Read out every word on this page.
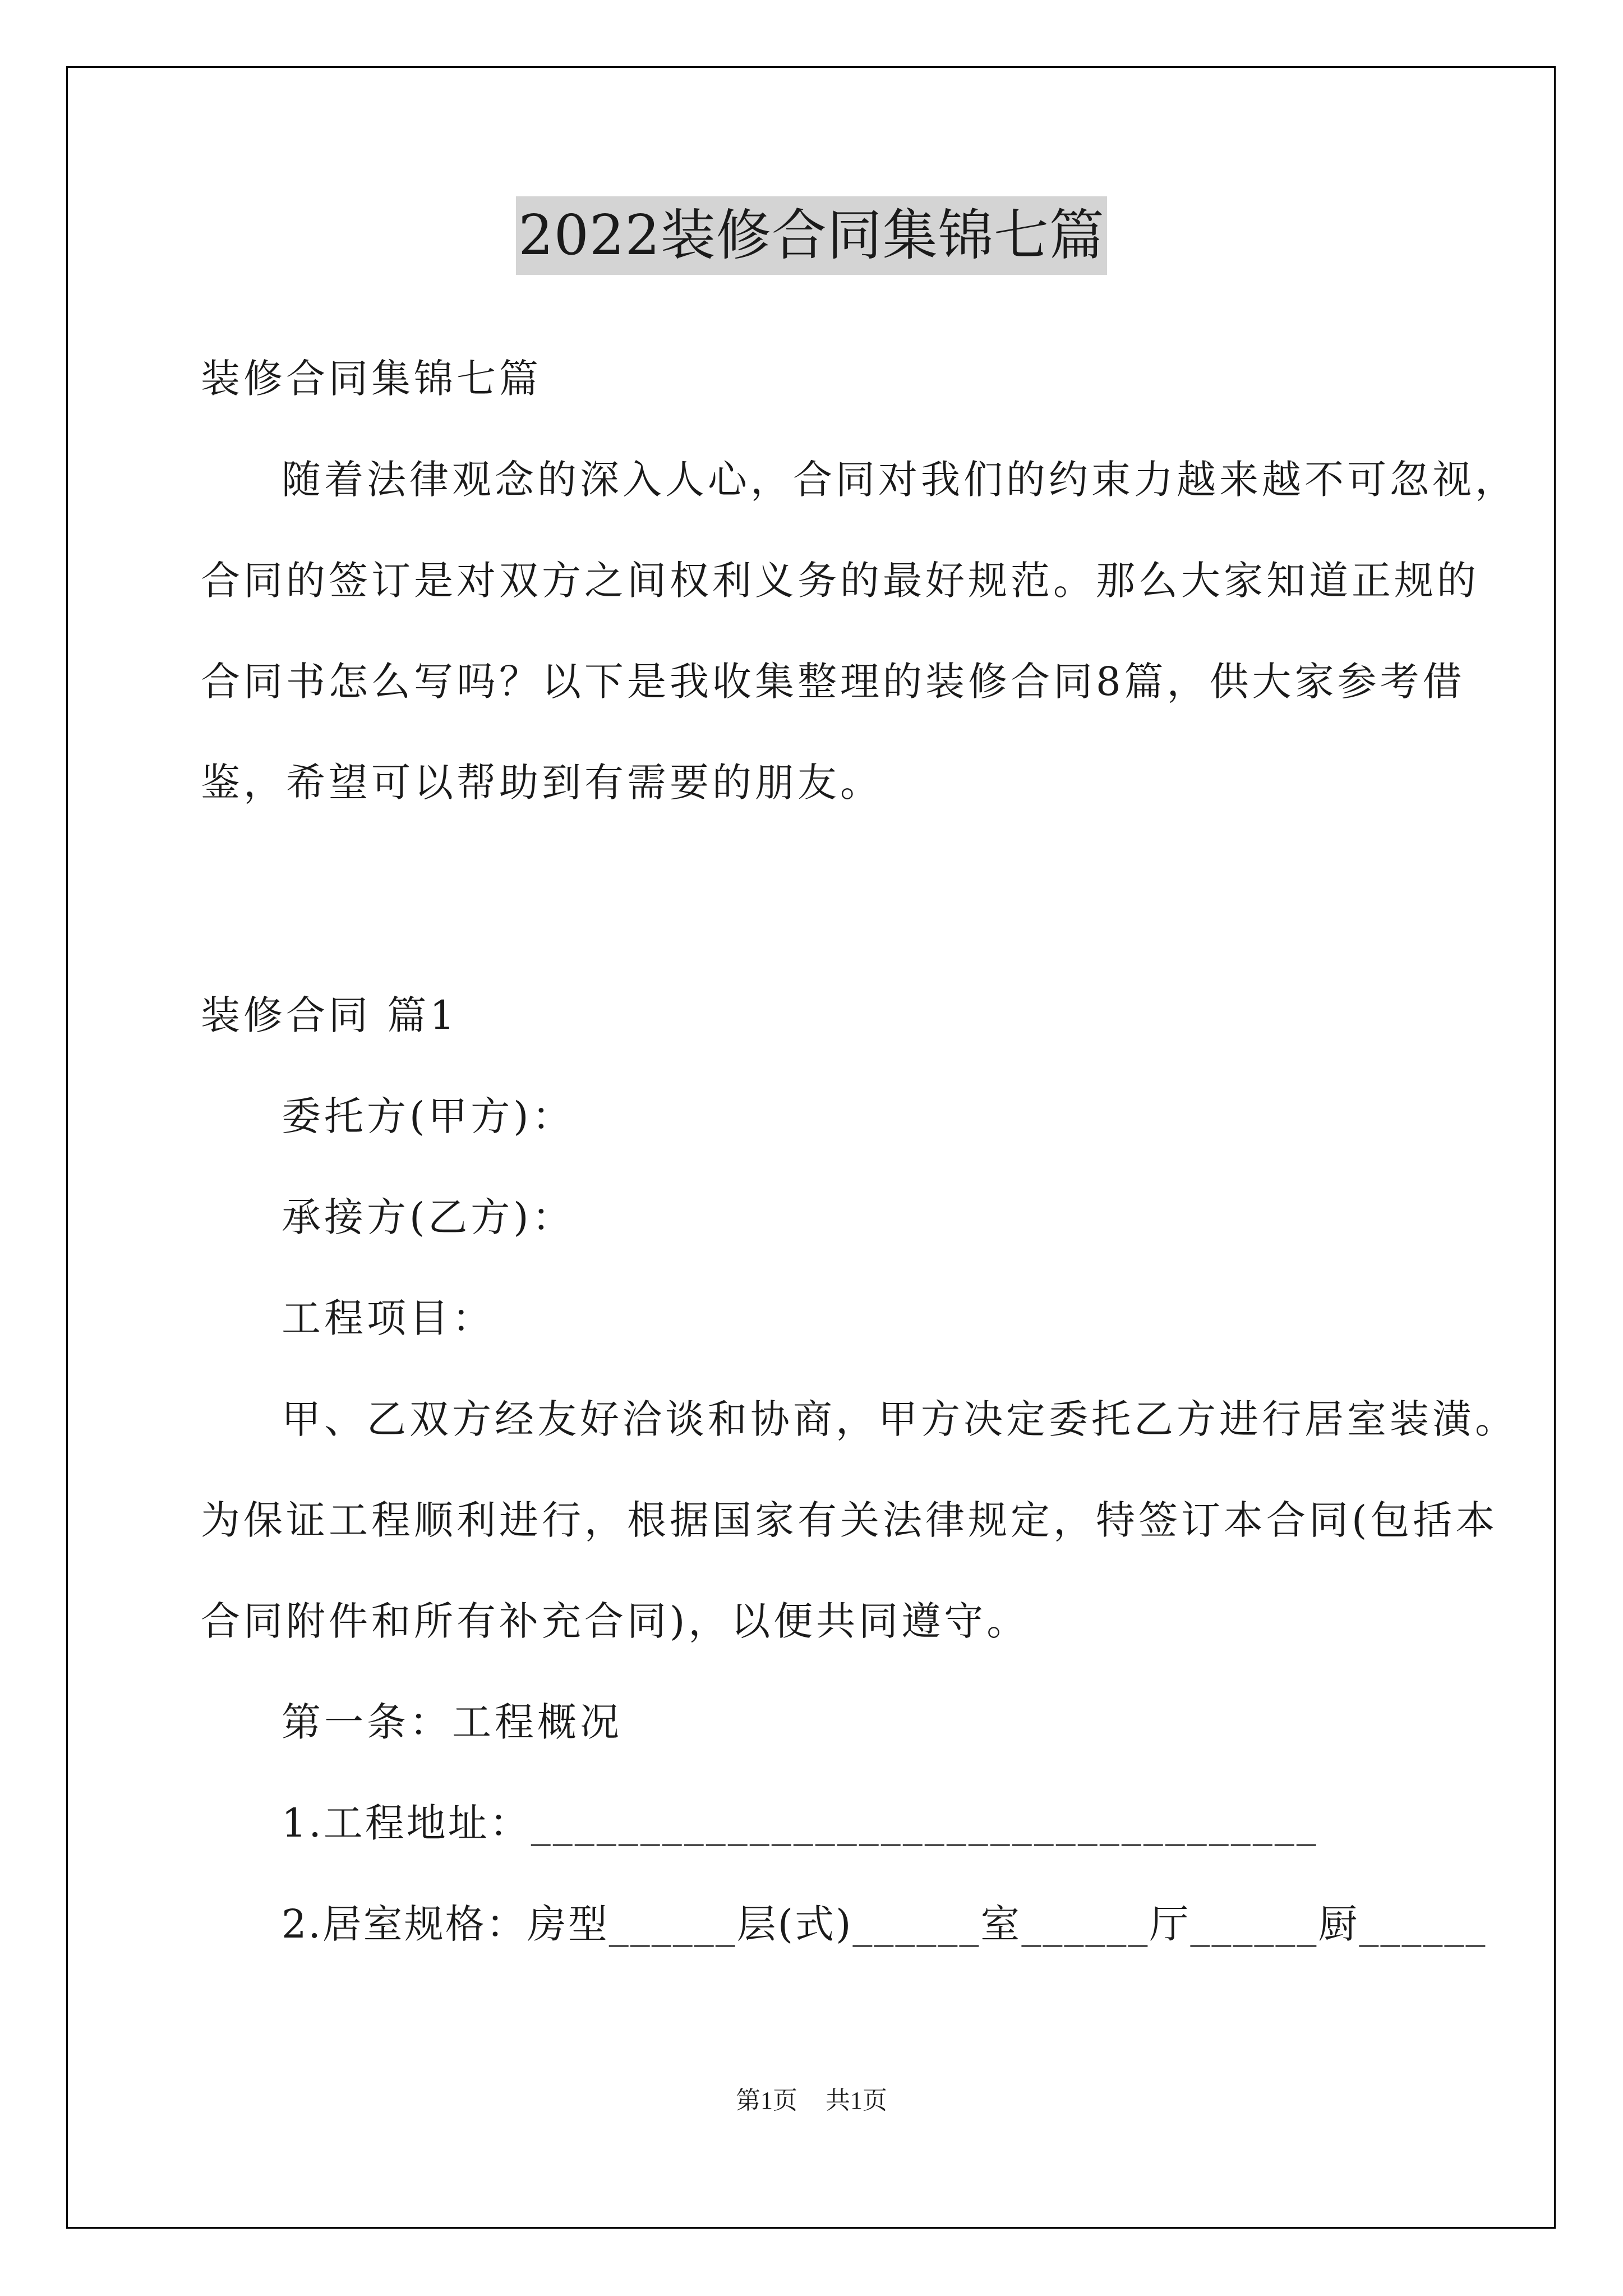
2022装修合同集锦七篇
装修合同集锦七篇
随着法律观念的深入人心，合同对我们的约束力越来越不可忽视，
合同的签订是对双方之间权利义务的最好规范。那么大家知道正规的
合同书怎么写吗？以下是我收集整理的装修合同8篇，供大家参考借
鉴，希望可以帮助到有需要的朋友。
装修合同 篇1
委托方(甲方)：
承接方(乙方)：
工程项目：
甲、乙双方经友好洽谈和协商，甲方决定委托乙方进行居室装潢。
为保证工程顺利进行，根据国家有关法律规定，特签订本合同(包括本
合同附件和所有补充合同)，以便共同遵守。
第一条：工程概况
1.工程地址：____________________________________
2.居室规格：房型______层(式)______室______厅______厨______
第1页 共1页
